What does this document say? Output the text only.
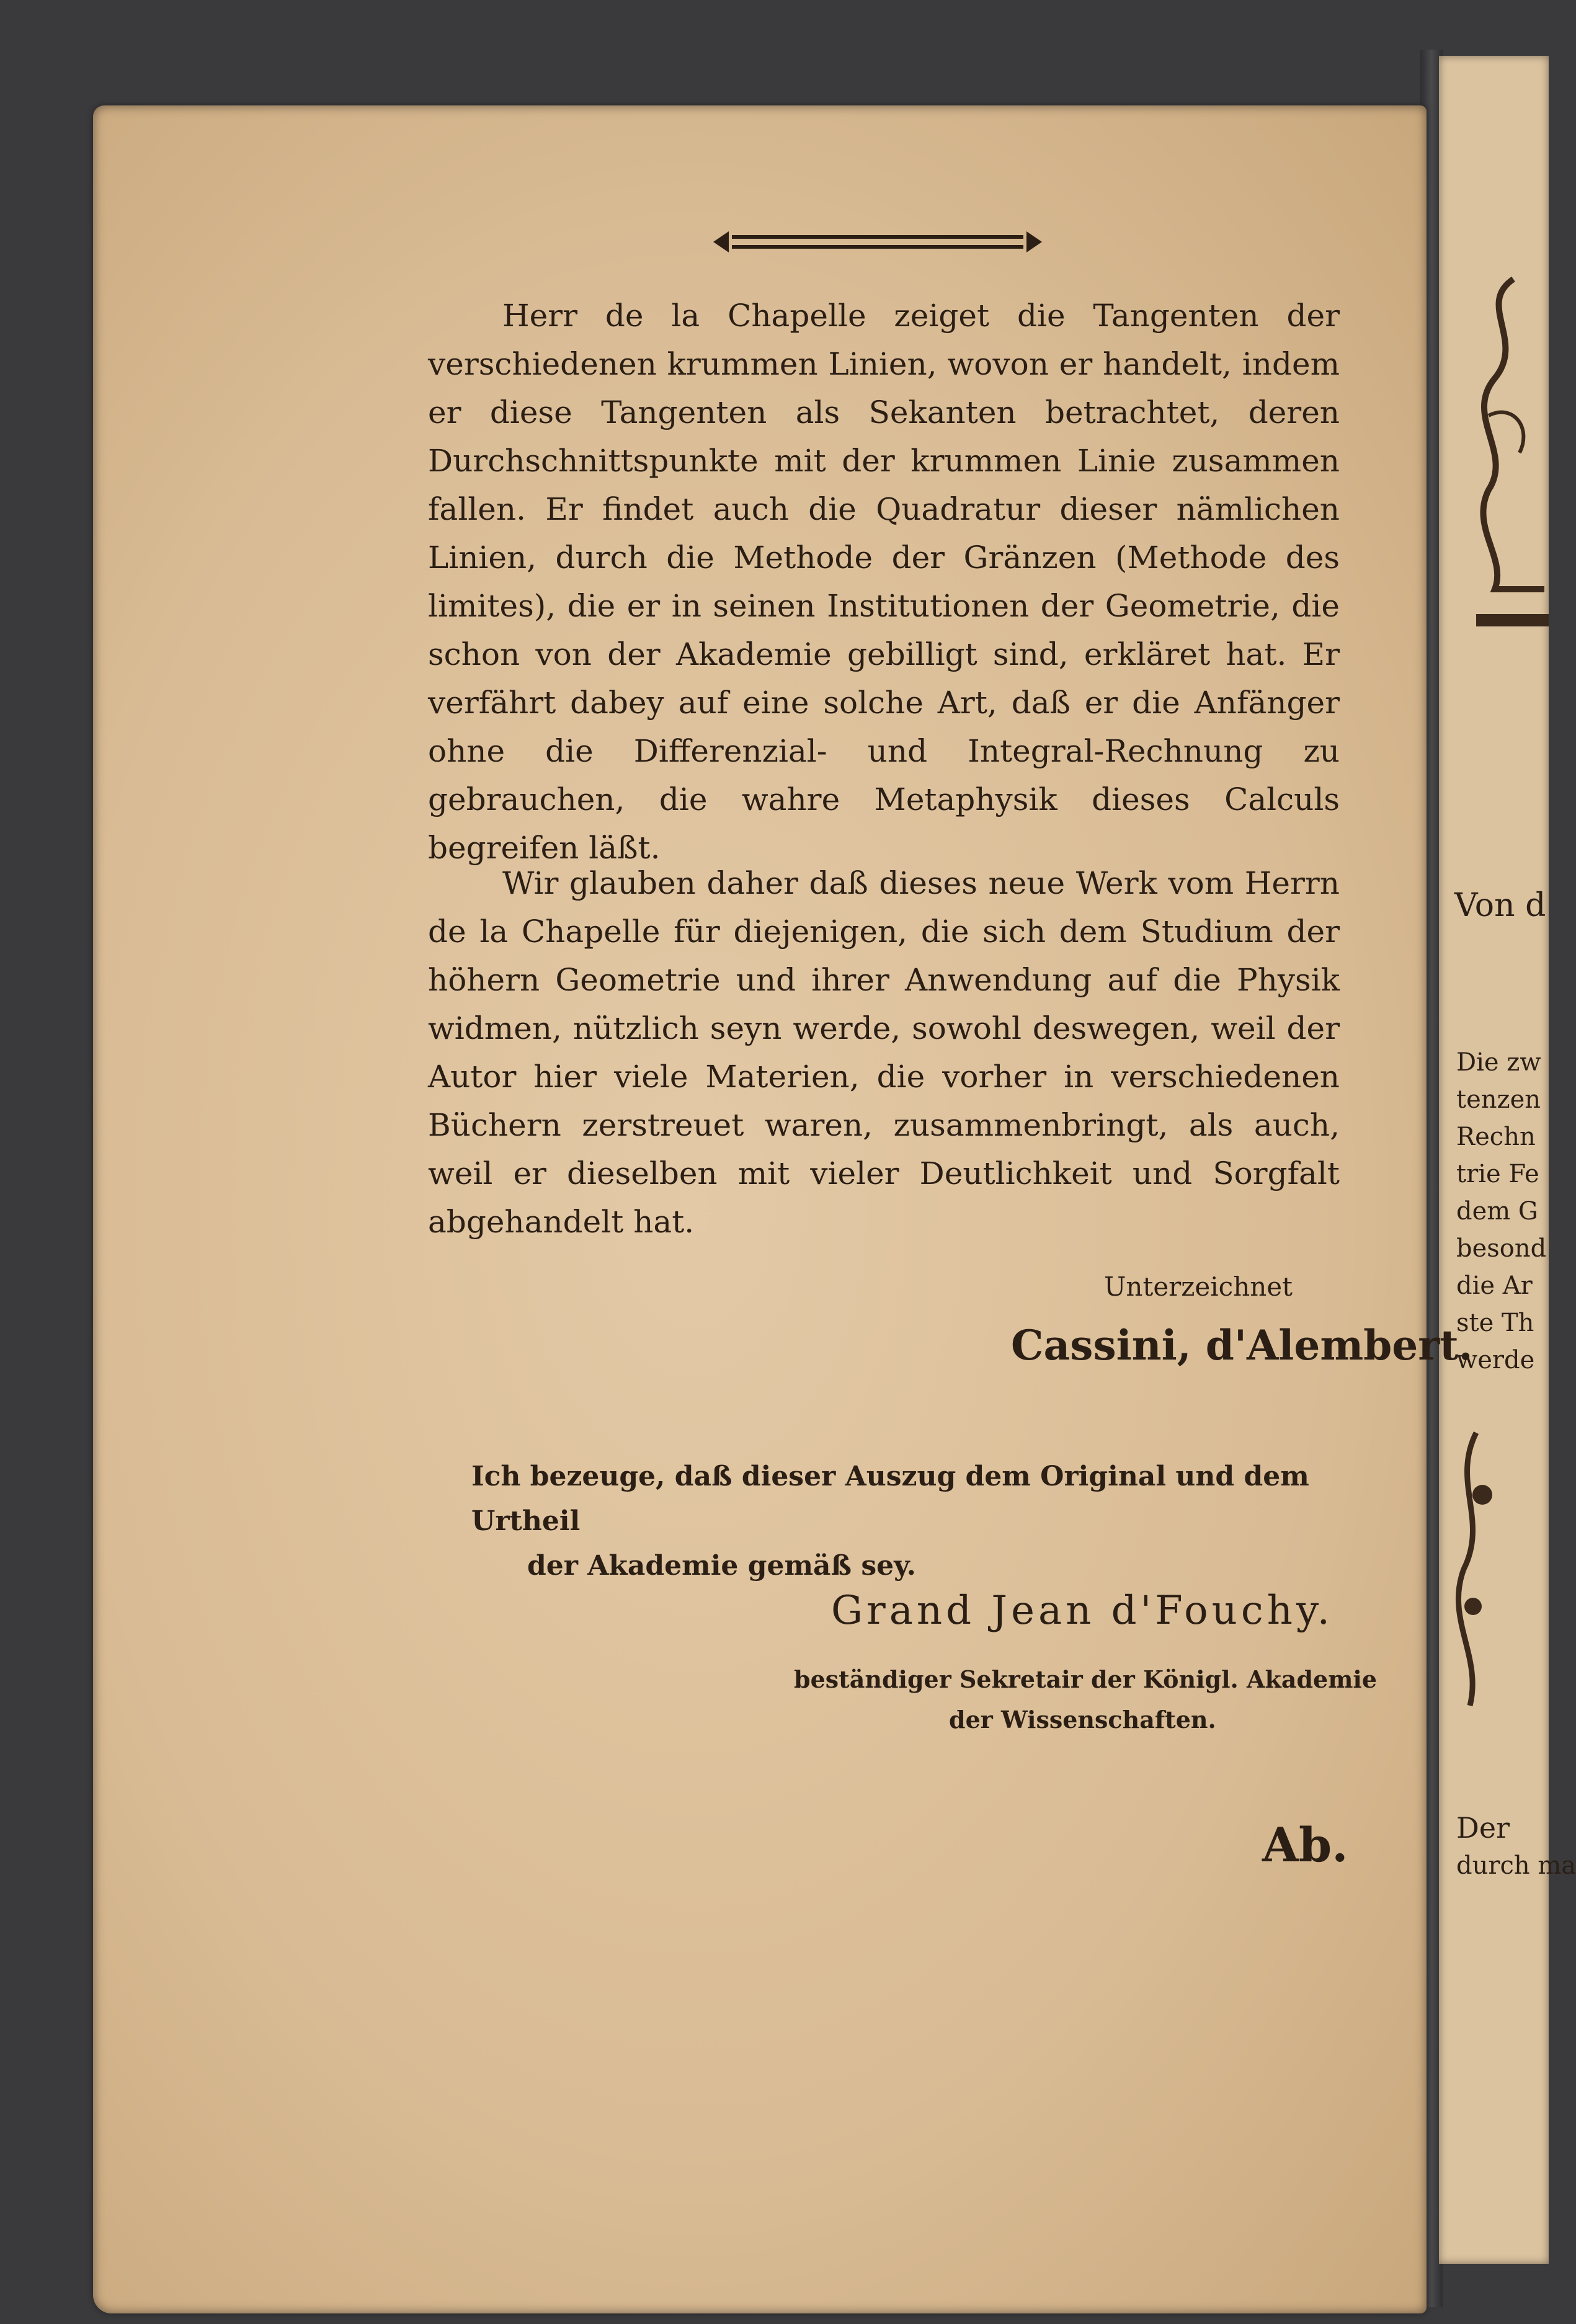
Von d
Die zw
tenzen
Rechn
trie Fe
dem G
besond
die Ar
ste Th
werde
Der
durch ma

Herr de la Chapelle zeiget die Tangenten der verschiedenen krummen Linien, wovon er handelt, indem er diese Tangenten als Sekanten betrachtet, deren Durchschnittspunkte mit der krummen Linie zusammen fallen. Er findet auch die Quadratur dieser nämlichen Linien, durch die Methode der Gränzen (Methode des limites), die er in seinen Institutionen der Geometrie, die schon von der Akademie gebilligt sind, erkläret hat. Er verfährt dabey auf eine solche Art, daß er die Anfänger ohne die Differenzial- und Integral-Rechnung zu gebrauchen, die wahre Metaphysik dieses Calculs begreifen läßt.

Wir glauben daher daß dieses neue Werk vom Herrn de la Chapelle für diejenigen, die sich dem Studium der höhern Geometrie und ihrer Anwendung auf die Physik widmen, nützlich seyn werde, sowohl deswegen, weil der Autor hier viele Materien, die vorher in verschiedenen Büchern zerstreuet waren, zusammenbringt, als auch, weil er dieselben mit vieler Deutlichkeit und Sorgfalt abgehandelt hat.

Unterzeichnet
Cassini, d'Alembert.
Ich bezeuge, daß dieser Auszug dem Original und dem Urtheil
der Akademie gemäß sey.
Grand Jean d'Fouchy.
beständiger Sekretair der Königl. Akademie
der Wissenschaften.
Ab.
